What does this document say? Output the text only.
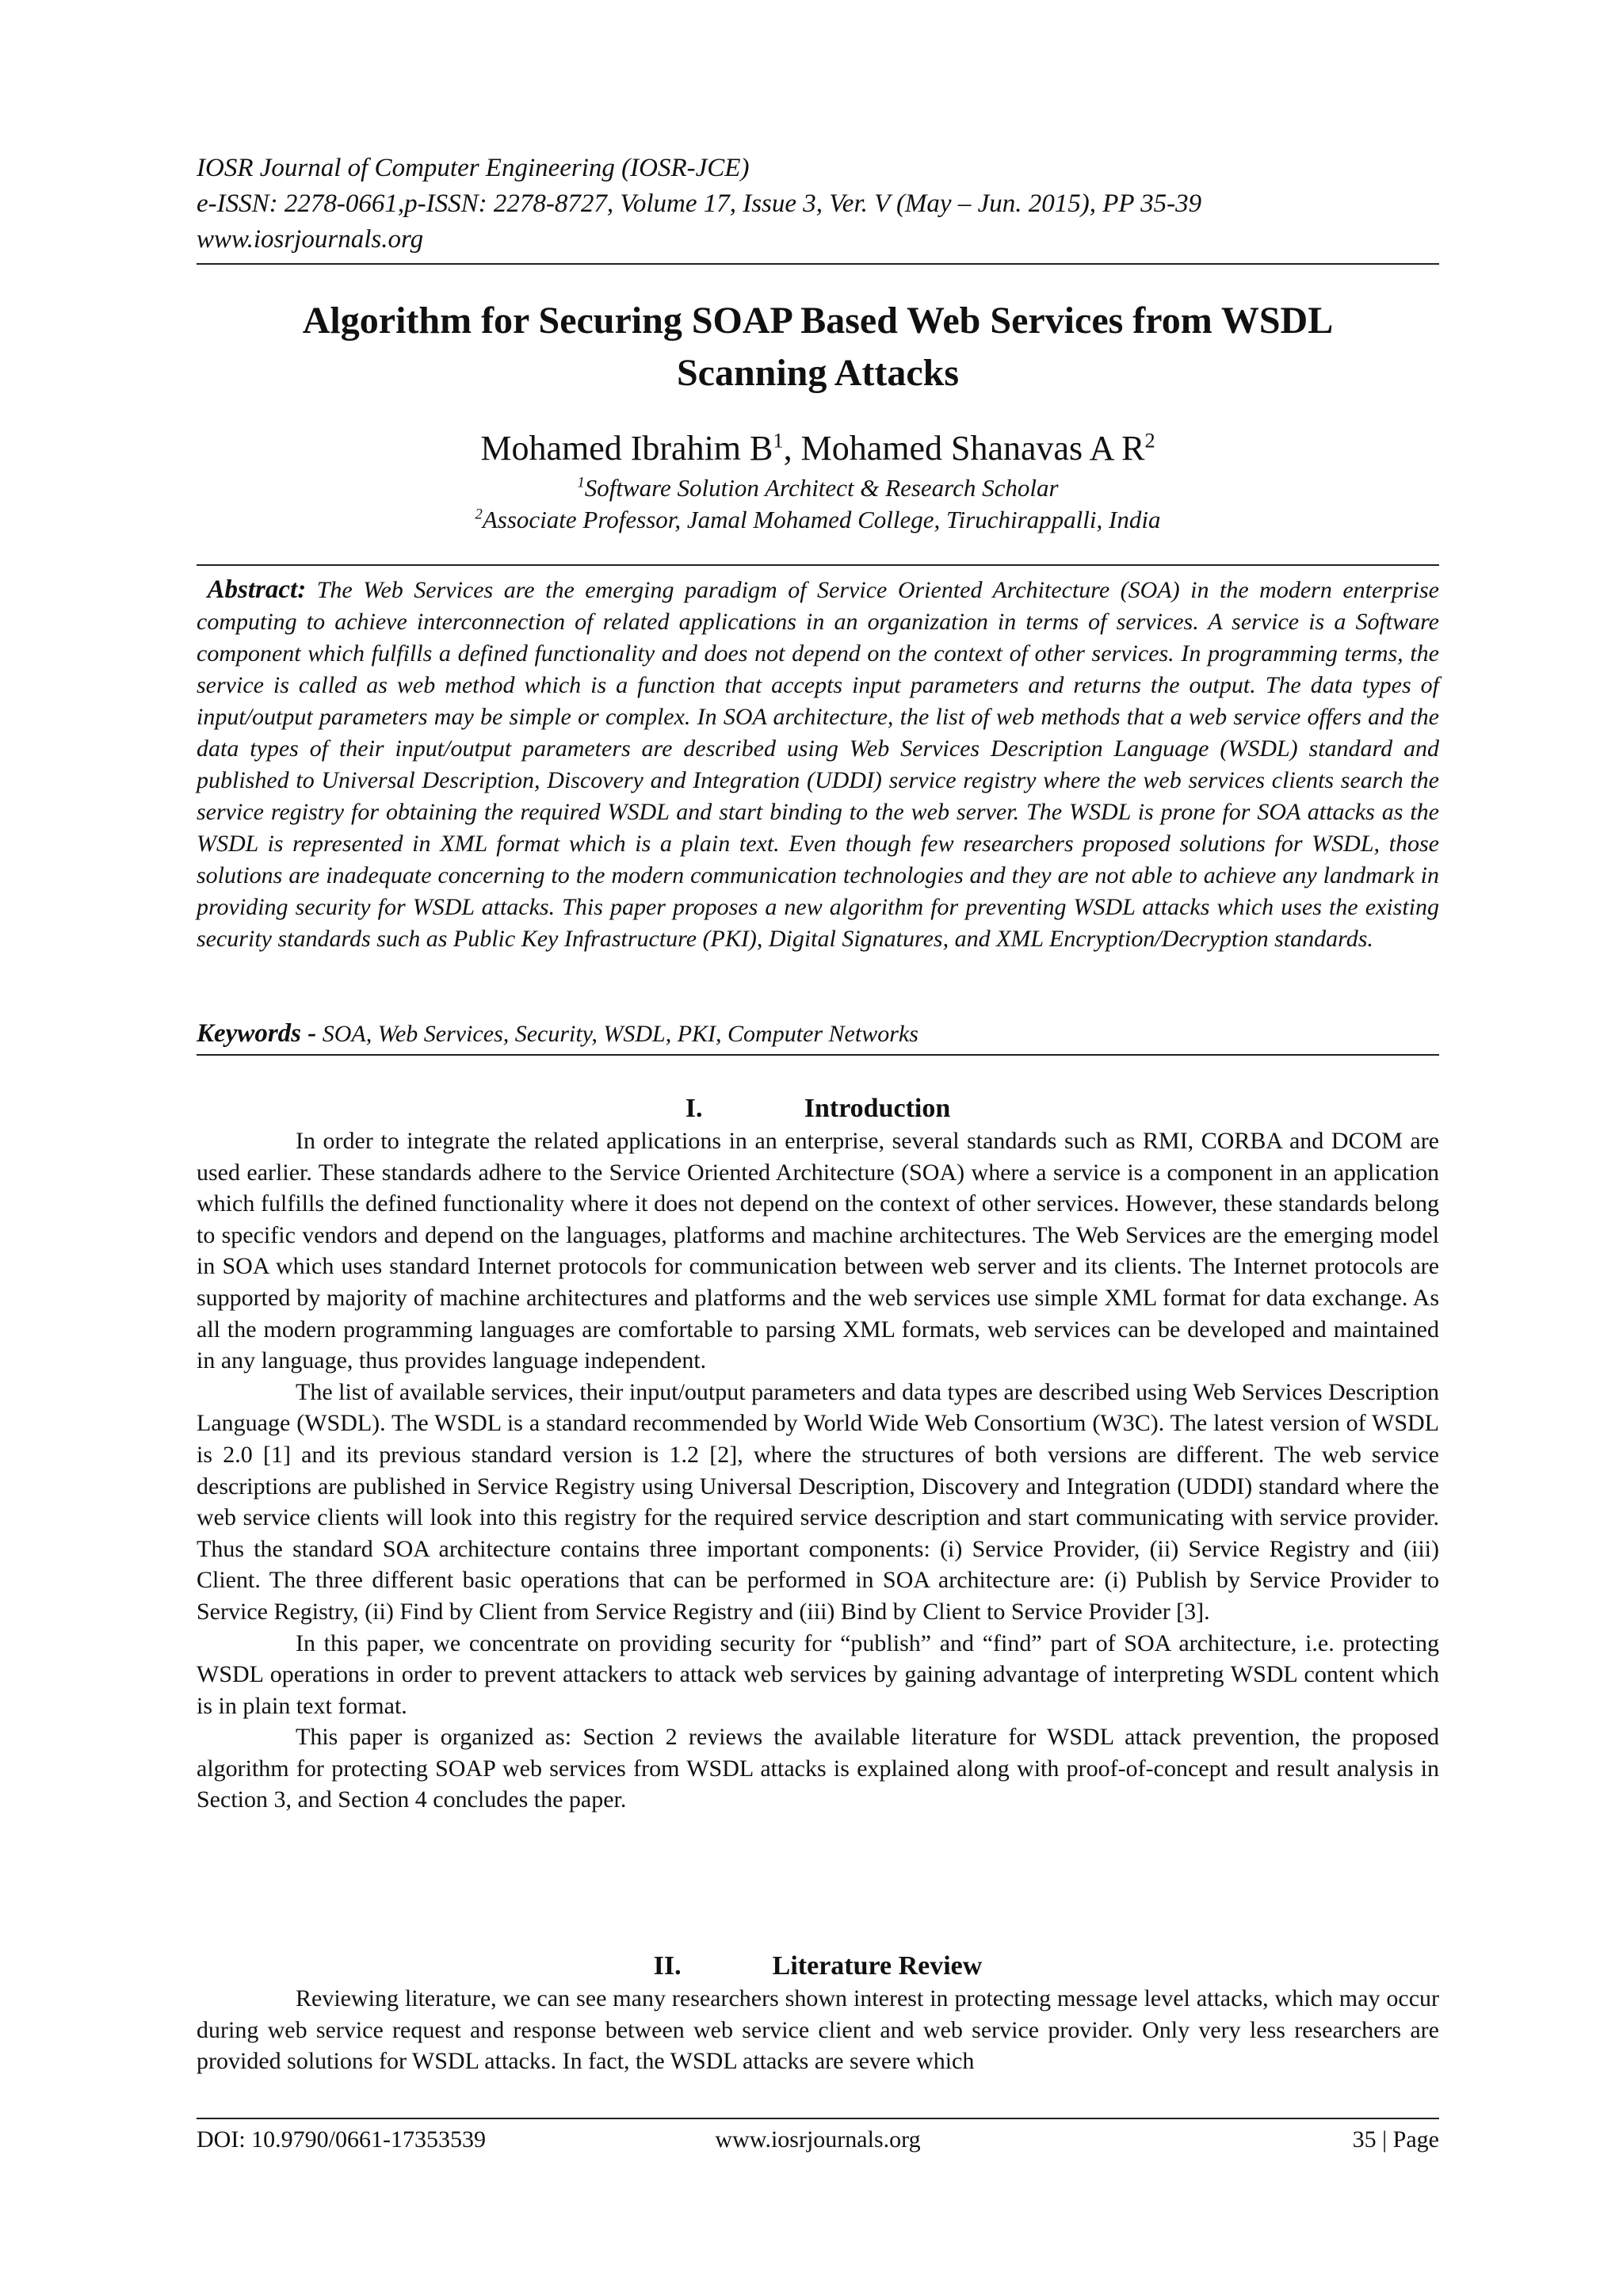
IOSR Journal of Computer Engineering (IOSR-JCE)
e-ISSN: 2278-0661,p-ISSN: 2278-8727, Volume 17, Issue 3, Ver. V (May – Jun. 2015), PP 35-39
www.iosrjournals.org
Algorithm for Securing SOAP Based Web Services from WSDL
Scanning Attacks
Mohamed Ibrahim $B^1$, Mohamed Shanavas A $R^2$
$^1$Software Solution Architect & Research Scholar
$^2$Associate Professor, Jamal Mohamed College, Tiruchirappalli, India
Abstract: The Web Services are the emerging paradigm of Service Oriented Architecture (SOA) in the modern enterprise computing to achieve interconnection of related applications in an organization in terms of services. A service is a Software component which fulfills a defined functionality and does not depend on the context of other services. In programming terms, the service is called as web method which is a function that accepts input parameters and returns the output. The data types of input/output parameters may be simple or complex. In SOA architecture, the list of web methods that a web service offers and the data types of their input/output parameters are described using Web Services Description Language (WSDL) standard and published to Universal Description, Discovery and Integration (UDDI) service registry where the web services clients search the service registry for obtaining the required WSDL and start binding to the web server. The WSDL is prone for SOA attacks as the WSDL is represented in XML format which is a plain text. Even though few researchers proposed solutions for WSDL, those solutions are inadequate concerning to the modern communication technologies and they are not able to achieve any landmark in providing security for WSDL attacks. This paper proposes a new algorithm for preventing WSDL attacks which uses the existing security standards such as Public Key Infrastructure (PKI), Digital Signatures, and XML Encryption/Decryption standards.
Keywords - SOA, Web Services, Security, WSDL, PKI, Computer Networks
I.	Introduction

In order to integrate the related applications in an enterprise, several standards such as RMI, CORBA and DCOM are used earlier. These standards adhere to the Service Oriented Architecture (SOA) where a service is a component in an application which fulfills the defined functionality where it does not depend on the context of other services. However, these standards belong to specific vendors and depend on the languages, platforms and machine architectures. The Web Services are the emerging model in SOA which uses standard Internet protocols for communication between web server and its clients. The Internet protocols are supported by majority of machine architectures and platforms and the web services use simple XML format for data exchange. As all the modern programming languages are comfortable to parsing XML formats, web services can be developed and maintained in any language, thus provides language independent.

The list of available services, their input/output parameters and data types are described using Web Services Description Language (WSDL). The WSDL is a standard recommended by World Wide Web Consortium (W3C). The latest version of WSDL is 2.0 [1] and its previous standard version is 1.2 [2], where the structures of both versions are different. The web service descriptions are published in Service Registry using Universal Description, Discovery and Integration (UDDI) standard where the web service clients will look into this registry for the required service description and start communicating with service provider. Thus the standard SOA architecture contains three important components: (i) Service Provider, (ii) Service Registry and (iii) Client. The three different basic operations that can be performed in SOA architecture are: (i) Publish by Service Provider to Service Registry, (ii) Find by Client from Service Registry and (iii) Bind by Client to Service Provider [3].

In this paper, we concentrate on providing security for “publish” and “find” part of SOA architecture, i.e. protecting WSDL operations in order to prevent attackers to attack web services by gaining advantage of interpreting WSDL content which is in plain text format.

This paper is organized as: Section 2 reviews the available literature for WSDL attack prevention, the proposed algorithm for protecting SOAP web services from WSDL attacks is explained along with proof-of-concept and result analysis in Section 3, and Section 4 concludes the paper.

II.	Literature Review

Reviewing literature, we can see many researchers shown interest in protecting message level attacks, which may occur during web service request and response between web service client and web service provider. Only very less researchers are provided solutions for WSDL attacks. In fact, the WSDL attacks are severe which

DOI: 10.9790/0661-17353539	www.iosrjournals.org	35 | Page
